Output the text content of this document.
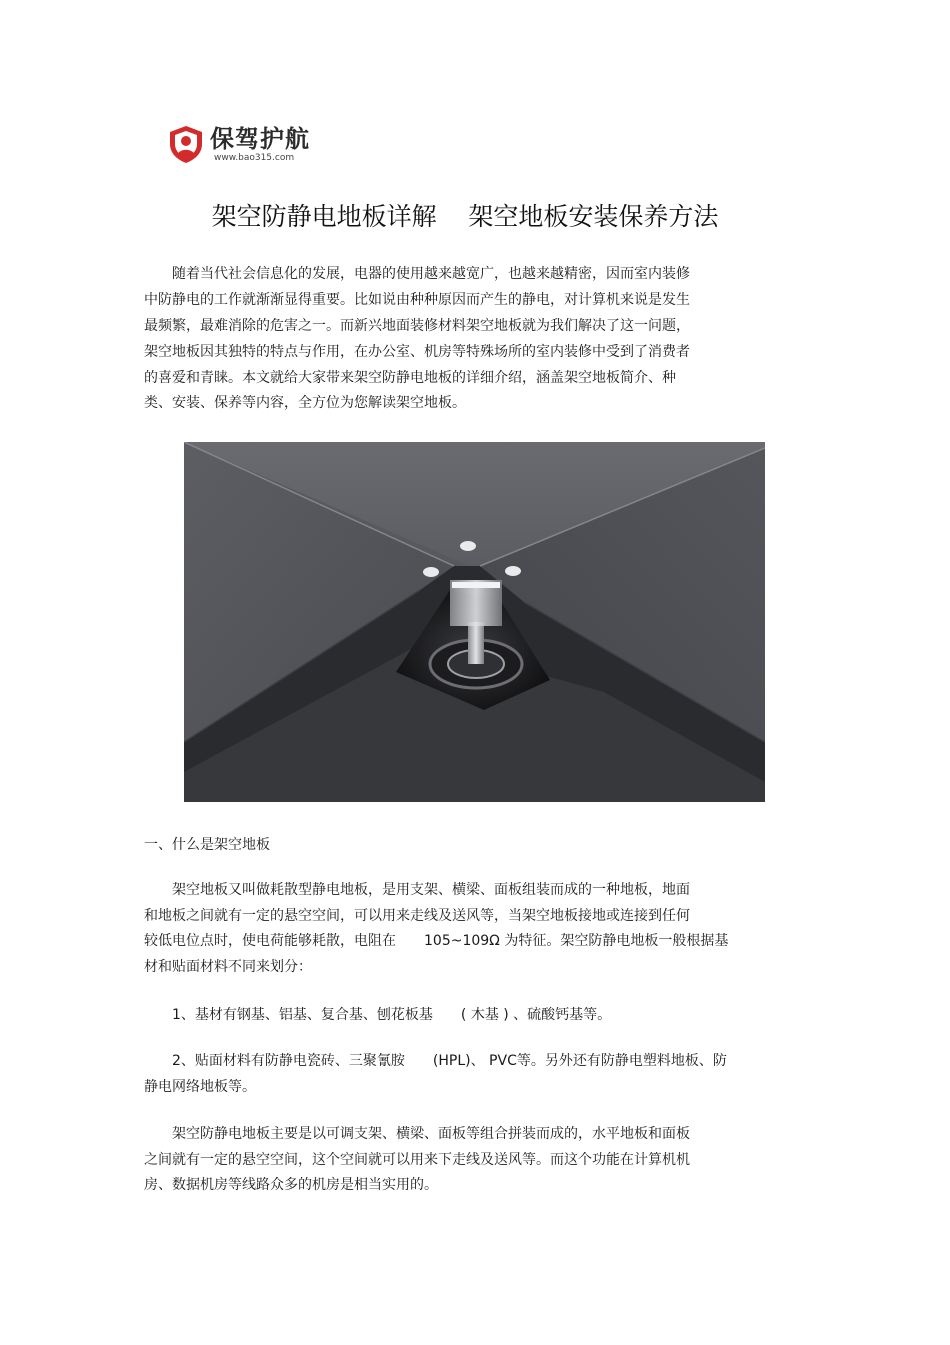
保驾护航
www.bao315.com
架空防静电地板详解    架空地板安装保养方法
　　随着当代社会信息化的发展，电器的使用越来越宽广，也越来越精密，因而室内装修
中防静电的工作就渐渐显得重要。比如说由种种原因而产生的静电，对计算机来说是发生
最频繁，最难消除的危害之一。而新兴地面装修材料架空地板就为我们解决了这一问题，
架空地板因其独特的特点与作用，在办公室、机房等特殊场所的室内装修中受到了消费者
的喜爱和青睐。本文就给大家带来架空防静电地板的详细介绍，涵盖架空地板简介、种
类、安装、保养等内容，全方位为您解读架空地板。
一、什么是架空地板
　　架空地板又叫做耗散型静电地板，是用支架、横梁、面板组装而成的一种地板，地面
和地板之间就有一定的悬空空间，可以用来走线及送风等，当架空地板接地或连接到任何
较低电位点时，使电荷能够耗散，电阻在　　105~109Ω 为特征。架空防静电地板一般根据基
材和贴面材料不同来划分：
　　1、基材有钢基、铝基、复合基、刨花板基　　( 木基 ) 、硫酸钙基等。
　　2、贴面材料有防静电瓷砖、三聚氰胺　　(HPL)、 PVC等。另外还有防静电塑料地板、防
静电网络地板等。
　　架空防静电地板主要是以可调支架、横梁、面板等组合拼装而成的，水平地板和面板
之间就有一定的悬空空间，这个空间就可以用来下走线及送风等。而这个功能在计算机机
房、数据机房等线路众多的机房是相当实用的。
